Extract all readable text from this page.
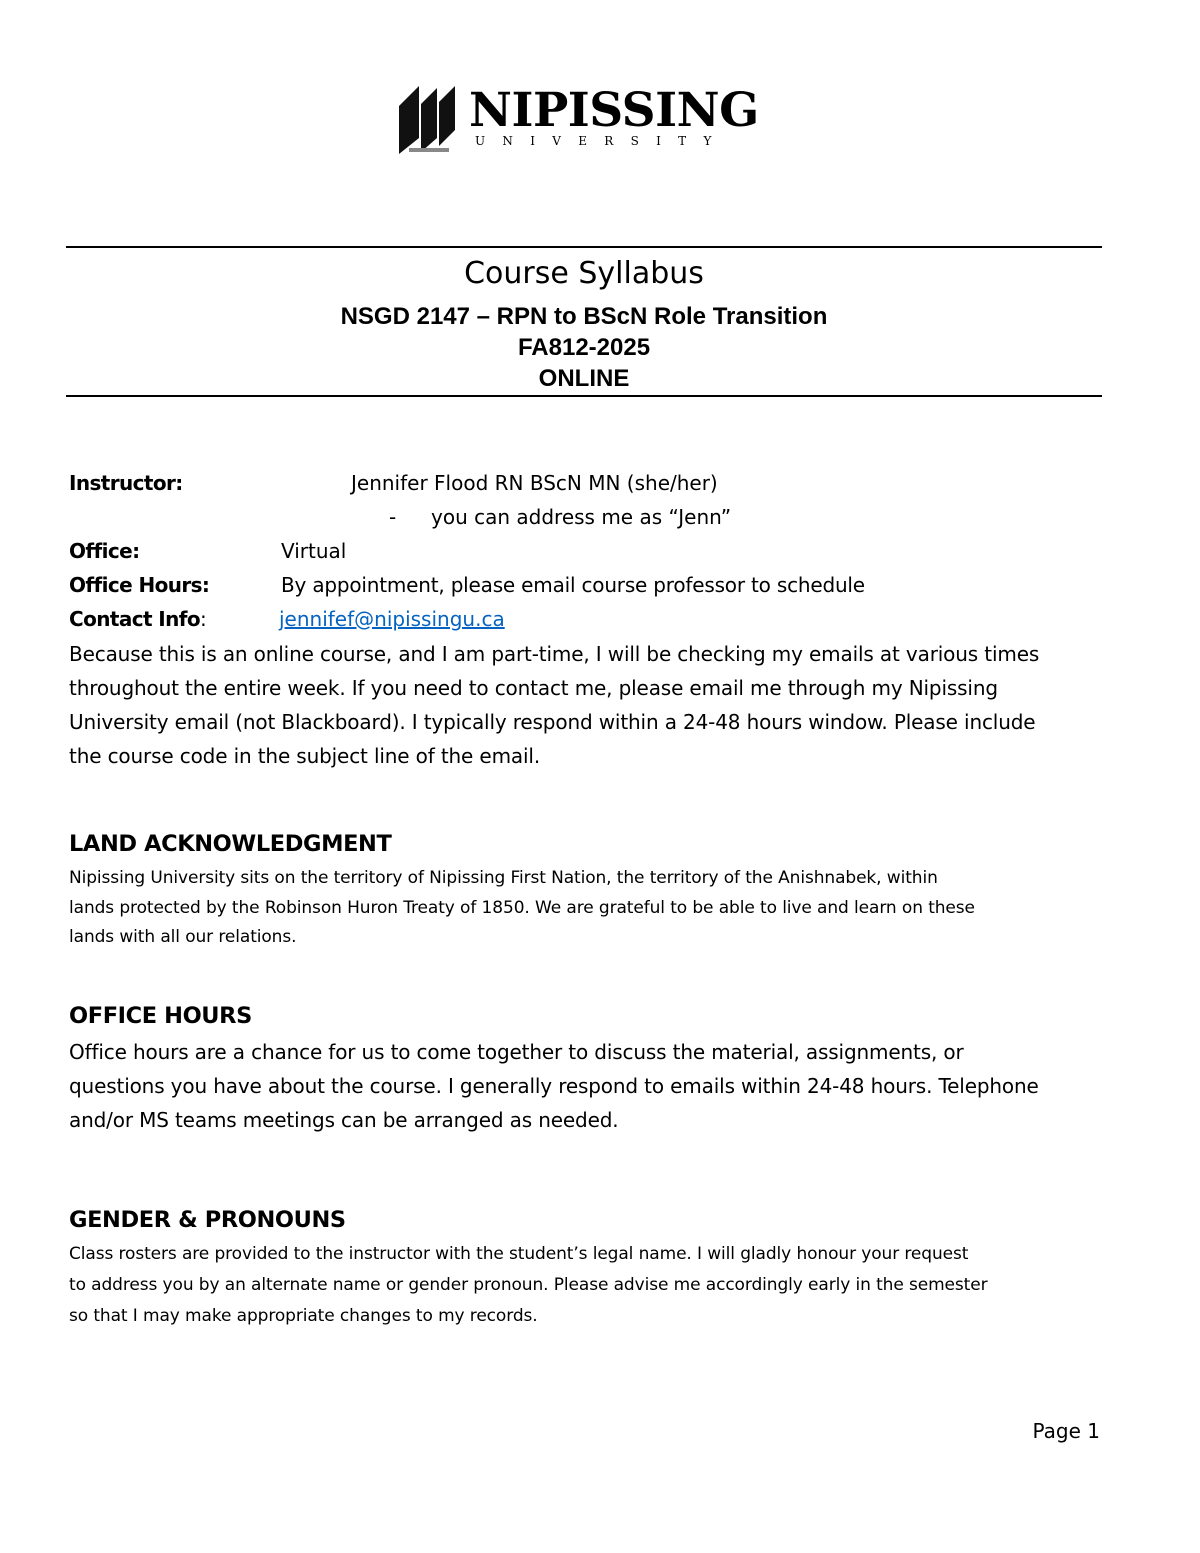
NIPISSING
UNIVERSITY
Course Syllabus
NSGD 2147 – RPN to BScN Role Transition
FA812-2025
ONLINE
Instructor:	Jennifer Flood RN BScN MN (she/her)
- you can address me as “Jenn”
Office:	Virtual
Office Hours:	By appointment, please email course professor to schedule
Contact Info:	jennifef@nipissingu.ca
Because this is an online course, and I am part-time, I will be checking my emails at various times
throughout the entire week. If you need to contact me, please email me through my Nipissing
University email (not Blackboard). I typically respond within a 24-48 hours window. Please include
the course code in the subject line of the email.
LAND ACKNOWLEDGMENT
Nipissing University sits on the territory of Nipissing First Nation, the territory of the Anishnabek, within
lands protected by the Robinson Huron Treaty of 1850. We are grateful to be able to live and learn on these
lands with all our relations.
OFFICE HOURS
Office hours are a chance for us to come together to discuss the material, assignments, or
questions you have about the course. I generally respond to emails within 24-48 hours. Telephone
and/or MS teams meetings can be arranged as needed.
GENDER & PRONOUNS
Class rosters are provided to the instructor with the student’s legal name. I will gladly honour your request
to address you by an alternate name or gender pronoun. Please advise me accordingly early in the semester
so that I may make appropriate changes to my records.
Page 1
